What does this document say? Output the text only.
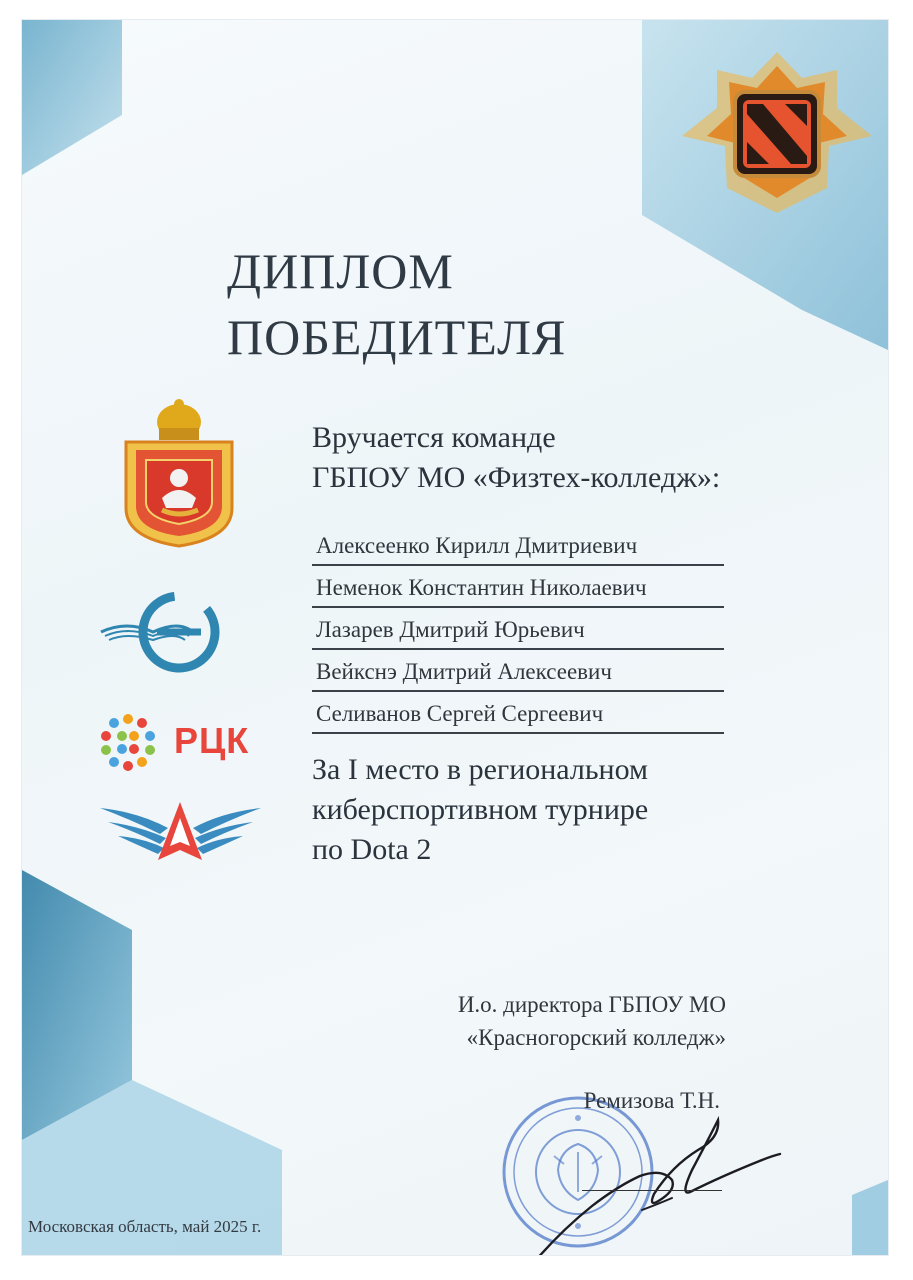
ДИПЛОМ
ПОБЕДИТЕЛЯ
Вручается команде
ГБПОУ МО «Физтех-колледж»:
Алексеенко Кирилл Дмитриевич
Неменок Константин Николаевич
Лазарев Дмитрий Юрьевич
Вейкснэ Дмитрий Алексеевич
Селиванов Сергей Сергеевич
РЦК
За I место в региональном
киберспортивном турнире
по Dota 2
И.о. директора ГБПОУ МО
«Красногорский колледж»
Ремизова Т.Н.
Московская область, май 2025 г.
